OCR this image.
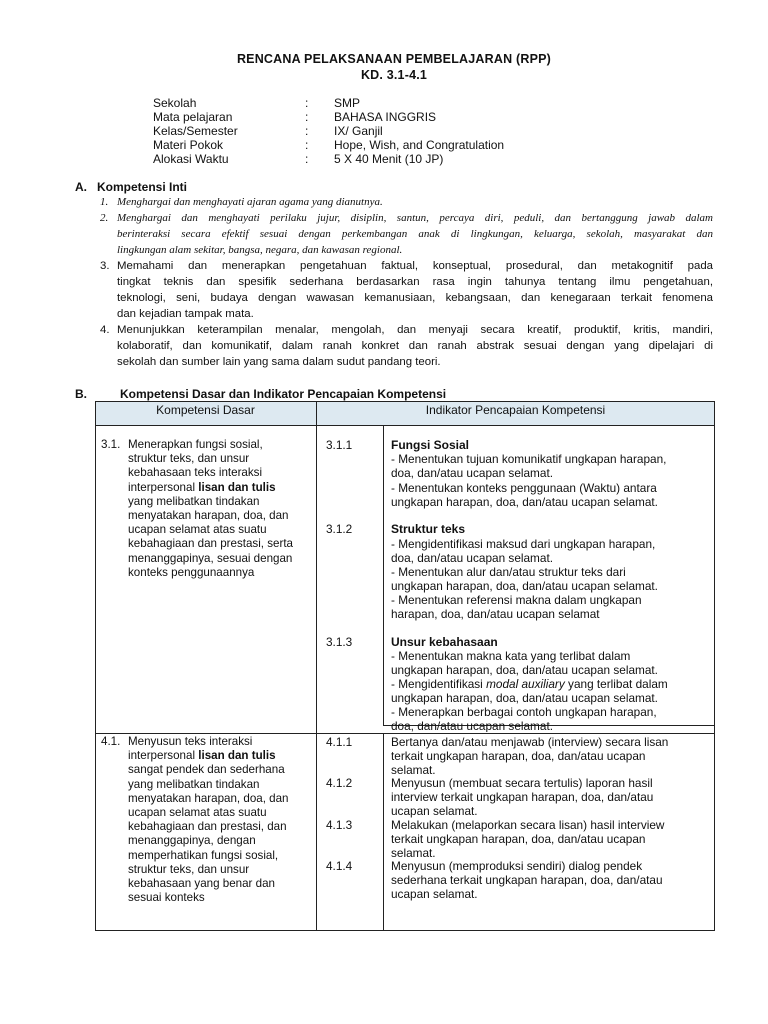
RENCANA PELAKSANAAN PEMBELAJARAN (RPP)
KD. 3.1-4.1
Sekolah	: SMP
Mata pelajaran	: BAHASA INGGRIS
Kelas/Semester	: IX/ Ganjil
Materi Pokok	: Hope, Wish, and Congratulation
Alokasi Waktu	: 5 X 40 Menit (10 JP)
A. Kompetensi Inti
1. Menghargai dan menghayati ajaran agama yang dianutnya.
2. Menghargai dan menghayati perilaku jujur, disiplin, santun, percaya diri, peduli, dan bertanggung jawab dalam
berinteraksi secara efektif sesuai dengan perkembangan anak di lingkungan, keluarga, sekolah, masyarakat dan
lingkungan alam sekitar, bangsa, negara, dan kawasan regional.
3. Memahami dan menerapkan pengetahuan faktual, konseptual, prosedural, dan metakognitif pada
tingkat teknis dan spesifik sederhana berdasarkan rasa ingin tahunya tentang ilmu pengetahuan,
teknologi, seni, budaya dengan wawasan kemanusiaan, kebangsaan, dan kenegaraan terkait fenomena
dan kejadian tampak mata.
4. Menunjukkan keterampilan menalar, mengolah, dan menyaji secara kreatif, produktif, kritis, mandiri,
kolaboratif, dan komunikatif, dalam ranah konkret dan ranah abstrak sesuai dengan yang dipelajari di
sekolah dan sumber lain yang sama dalam sudut pandang teori.
B.	Kompetensi Dasar dan Indikator Pencapaian Kompetensi
Kompetensi Dasar	Indikator Pencapaian Kompetensi
3.1. Menerapkan fungsi sosial,
struktur teks, dan unsur
kebahasaan teks interaksi
interpersonal lisan dan tulis
yang melibatkan tindakan
menyatakan harapan, doa, dan
ucapan selamat atas suatu
kebahagiaan dan prestasi, serta
menanggapinya, sesuai dengan
konteks penggunaannya
3.1.1	Fungsi Sosial
- Menentukan tujuan komunikatif ungkapan harapan,
doa, dan/atau ucapan selamat.
- Menentukan konteks penggunaan (Waktu) antara
ungkapan harapan, doa, dan/atau ucapan selamat.
3.1.2	Struktur teks
- Mengidentifikasi maksud dari ungkapan harapan,
doa, dan/atau ucapan selamat.
- Menentukan alur dan/atau struktur teks dari
ungkapan harapan, doa, dan/atau ucapan selamat.
- Menentukan referensi makna dalam ungkapan
harapan, doa, dan/atau ucapan selamat
3.1.3	Unsur kebahasaan
- Menentukan makna kata yang terlibat dalam
ungkapan harapan, doa, dan/atau ucapan selamat.
- Mengidentifikasi modal auxiliary yang terlibat dalam
ungkapan harapan, doa, dan/atau ucapan selamat.
- Menerapkan berbagai contoh ungkapan harapan,
doa, dan/atau ucapan selamat.
4.1. Menyusun teks interaksi
interpersonal lisan dan tulis
sangat pendek dan sederhana
yang melibatkan tindakan
menyatakan harapan, doa, dan
ucapan selamat atas suatu
kebahagiaan dan prestasi, dan
menanggapinya, dengan
memperhatikan fungsi sosial,
struktur teks, dan unsur
kebahasaan yang benar dan
sesuai konteks
4.1.1	Bertanya dan/atau menjawab (interview) secara lisan
terkait ungkapan harapan, doa, dan/atau ucapan
selamat.
4.1.2	Menyusun (membuat secara tertulis) laporan hasil
interview terkait ungkapan harapan, doa, dan/atau
ucapan selamat.
4.1.3	Melakukan (melaporkan secara lisan) hasil interview
terkait ungkapan harapan, doa, dan/atau ucapan
selamat.
4.1.4	Menyusun (memproduksi sendiri) dialog pendek
sederhana terkait ungkapan harapan, doa, dan/atau
ucapan selamat.
